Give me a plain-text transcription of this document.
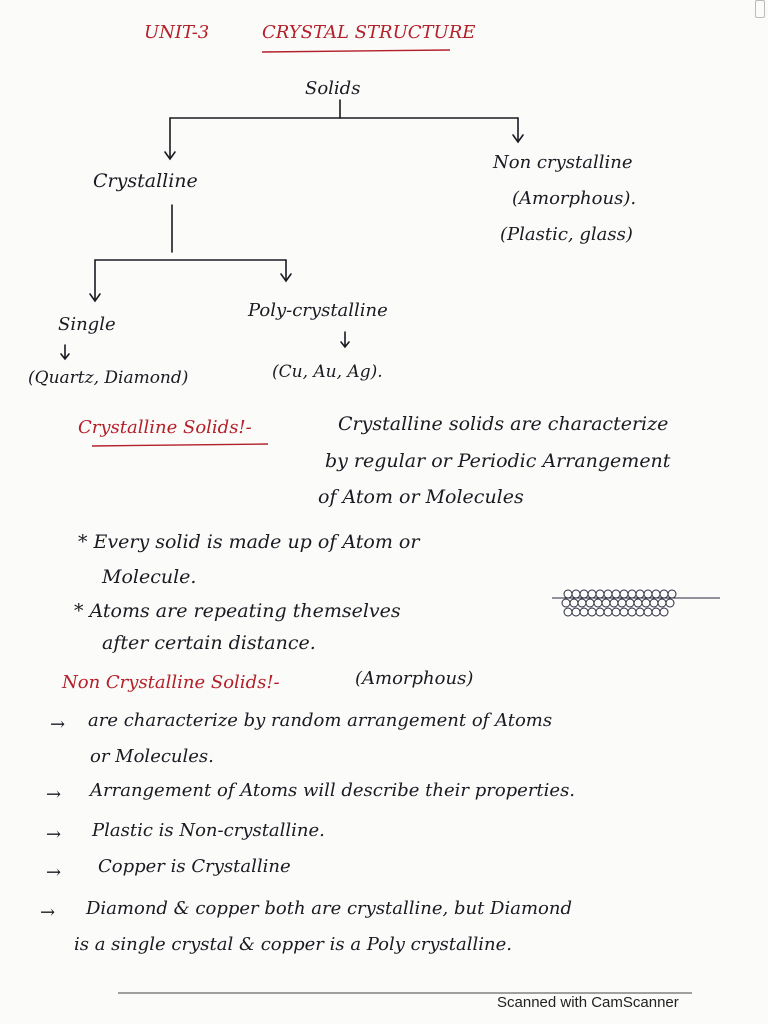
UNIT-3	CRYSTAL STRUCTURE
Solids
Crystalline
Non crystalline
(Amorphous).
(Plastic, glass)
Single
(Quartz, Diamond)
Poly-crystalline
(Cu, Au, Ag).
Crystalline Solids!-	Crystalline solids are characterize
by regular or Periodic Arrangement
of Atom or Molecules
* Every solid is made up of Atom or
Molecule.
* Atoms are repeating themselves
after certain distance.
Non Crystalline Solids!-	(Amorphous)
→ are characterize by random arrangement of Atoms
or Molecules.
→ Arrangement of Atoms will describe their properties.
→ Plastic is Non-crystalline.
→ Copper is Crystalline
→ Diamond & copper both are crystalline, but Diamond
is a single crystal & copper is a Poly crystalline.
Scanned with CamScanner
